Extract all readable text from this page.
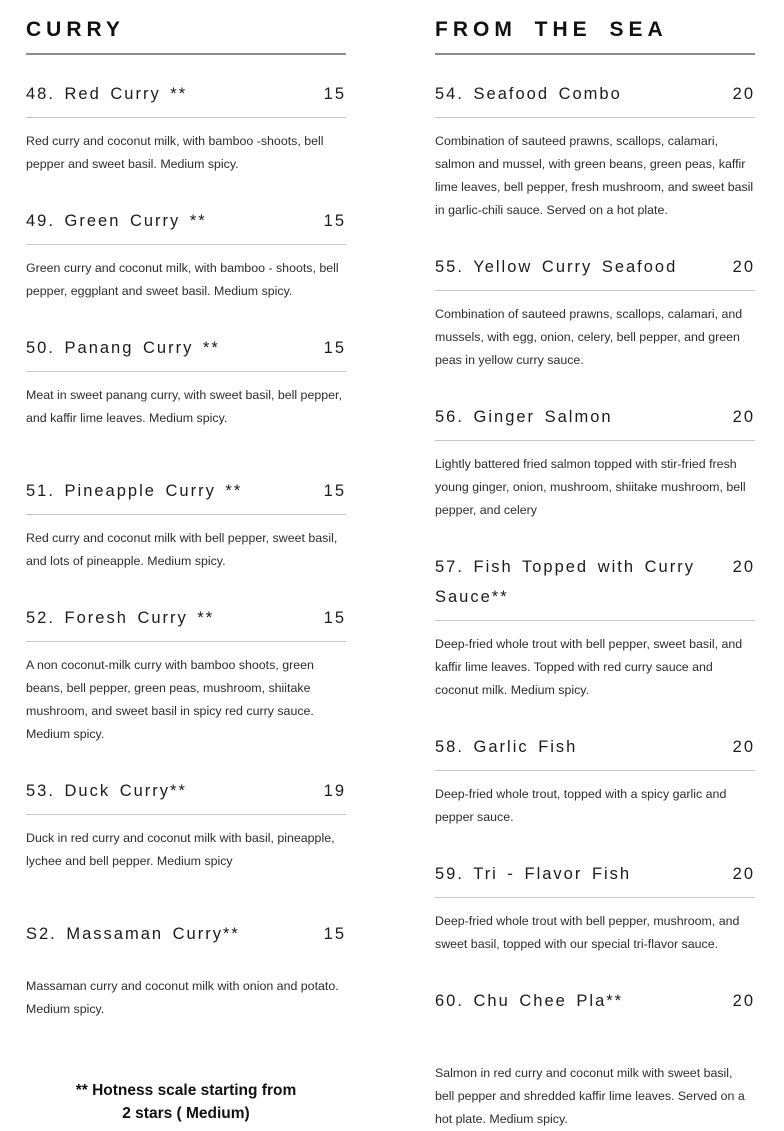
CURRY
48. Red Curry **	15

Red curry and coconut milk, with bamboo -shoots, bell pepper and sweet basil. Medium spicy.

49. Green Curry **	15

Green curry and coconut milk, with bamboo - shoots, bell pepper, eggplant and sweet basil. Medium spicy.

50. Panang Curry **	15

Meat in sweet panang curry, with sweet basil, bell pepper, and kaffir lime leaves. Medium spicy.

51. Pineapple Curry **	15

Red curry and coconut milk with bell pepper, sweet basil, and lots of pineapple. Medium spicy.

52. Foresh Curry **	15

A non coconut-milk curry with bamboo shoots, green beans, bell pepper, green peas, mushroom, shiitake mushroom, and sweet basil in spicy red curry sauce. Medium spicy.

53. Duck Curry**	19

Duck in red curry and coconut milk with basil, pineapple, lychee and bell pepper. Medium spicy

S2. Massaman Curry**	15

Massaman curry and coconut milk with onion and potato. Medium spicy.

** Hotness scale starting from
2 stars ( Medium)
FROM THE SEA
54. Seafood Combo	20

Combination of sauteed prawns, scallops, calamari, salmon and mussel, with green beans, green peas, kaffir lime leaves, bell pepper, fresh mushroom, and sweet basil in garlic-chili sauce. Served on a hot plate.

55. Yellow Curry Seafood	20

Combination of sauteed prawns, scallops, calamari, and mussels, with egg, onion, celery, bell pepper, and green peas in yellow curry sauce.

56. Ginger Salmon	20

Lightly battered fried salmon topped with stir-fried fresh young ginger, onion, mushroom, shiitake mushroom, bell pepper, and celery

57. Fish Topped with Curry Sauce**
20

Deep-fried whole trout with bell pepper, sweet basil, and kaffir lime leaves. Topped with red curry sauce and coconut milk. Medium spicy.

58. Garlic Fish	20

Deep-fried whole trout, topped with a spicy garlic and pepper sauce.

59. Tri - Flavor Fish	20

Deep-fried whole trout with bell pepper, mushroom, and sweet basil, topped with our special tri-flavor sauce.

60. Chu Chee Pla**	20

Salmon in red curry and coconut milk with sweet basil, bell pepper and shredded kaffir lime leaves. Served on a hot plate. Medium spicy.
